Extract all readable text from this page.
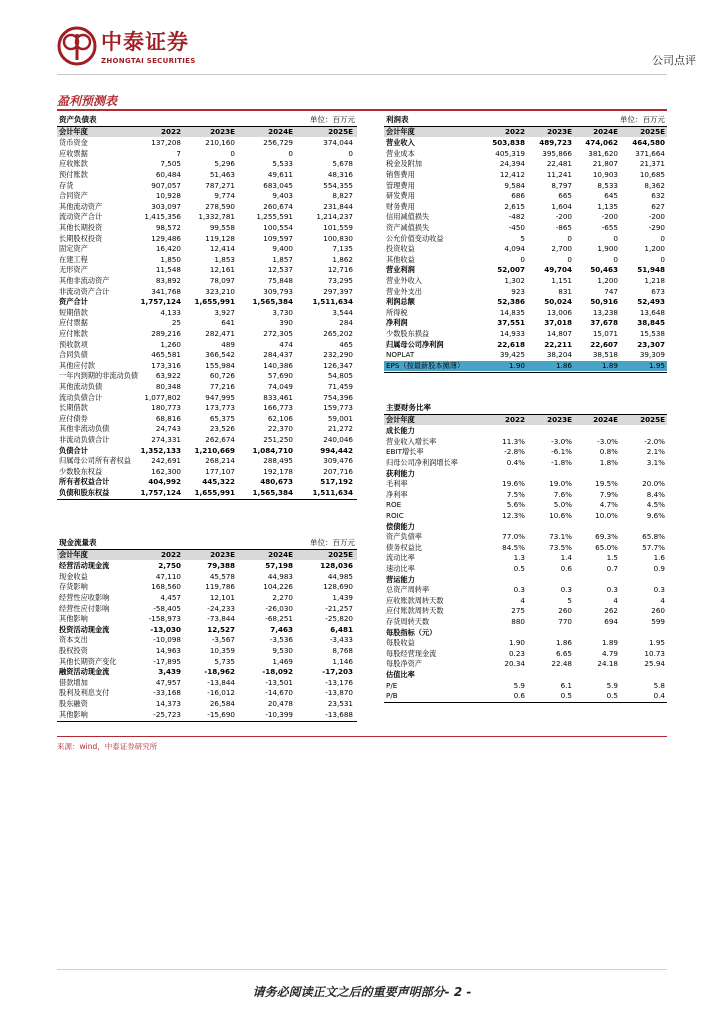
中泰证券
ZHONGTAI SECURITIES	公司点评
盈利预测表
资产负债表	单位：百万元
会计年度	2022	2023E	2024E	2025E
货币资金	137,208	210,160	256,729	374,044
应收票据	7	0	0	0
应收账款	7,505	5,296	5,533	5,678
预付账款	60,484	51,463	49,611	48,316
存货	907,057	787,271	683,045	554,355
合同资产	10,928	9,774	9,403	8,827
其他流动资产	303,097	278,590	260,674	231,844
流动资产合计	1,415,356 1,332,781	1,255,591	1,214,237
其他长期投资	98,572	99,558	100,554	101,559
长期股权投资	129,486	119,128	109,597	100,830
固定资产	16,420	12,414	9,400	7,135
在建工程	1,850	1,853	1,857	1,862
无形资产	11,548	12,161	12,537	12,716
其他非流动资产	83,892	78,097	75,848	73,295
非流动资产合计	341,768	323,210	309,793	297,397
资产合计	1,757,124 1,655,991 1,565,384	1,511,634
短期借款	4,133	3,927	3,730	3,544
应付票据	25	641	390	284
应付账款	289,216	282,471	272,305	265,202
预收款项	1,260	489	474	465
合同负债	465,581	366,542	284,437	232,290
其他应付款	173,316	155,984	140,386	126,347
一年内到期的非流动负债 63,922	60,726	57,690	54,805
其他流动负债	80,348	77,216	74,049	71,459
流动负债合计	1,077,802	947,995	833,461	754,396
长期借款	180,773	173,773	166,773	159,773
应付债券	68,816	65,375	62,106	59,001
其他非流动负债	24,743	23,526	22,370	21,272
非流动负债合计	274,331	262,674	251,250	240,046
负债合计	1,352,133 1,210,669 1,084,710	994,442
归属母公司所有者权益	242,691	268,214	288,495	309,476
少数股东权益	162,300	177,107	192,178	207,716
所有者权益合计	404,992	445,322	480,673	517,192
负债和股东权益	1,757,124 1,655,991 1,565,384	1,511,634
利润表	单位：百万元
会计年度	2022	2023E	2024E	2025E
营业收入	503,838 489,723 474,062 464,580
营业成本	405,319 395,866 381,620 371,664
税金及附加	24,394	22,481	21,807	21,371
销售费用	12,412	11,241	10,903	10,685
管理费用	9,584	8,797	8,533	8,362
研发费用	686	665	645	632
财务费用	2,615	1,604	1,135	627
信用减值损失	-482	-200	-200	-200
资产减值损失	-450	-865	-655	-290
公允价值变动收益	5	0	0	0
投资收益	4,094	2,700	1,900	1,200
其他收益	0	0	0	0
营业利润	52,007	49,704	50,463	51,948
营业外收入	1,302	1,151	1,200	1,218
营业外支出	923	831	747	673
利润总额	52,386	50,024	50,916	52,493
所得税	14,835	13,006	13,238	13,648
净利润	37,551	37,018	37,678	38,845
少数股东损益	14,933	14,807	15,071	15,538
归属母公司净利润	22,618	22,211	22,607	23,307
NOPLAT	39,425	38,204	38,518	39,309
EPS（按最新股本摊薄）	1.90	1.86	1.89	1.95
主要财务比率
会计年度	2022	2023E	2024E	2025E
成长能力
营业收入增长率	11.3%	-3.0%	-3.0%	-2.0%
EBIT增长率	-2.8%	-6.1%	0.8%	2.1%
归母公司净利润增长率	0.4%	-1.8%	1.8%	3.1%
获利能力
毛利率	19.6%	19.0%	19.5%	20.0%
净利率	7.5%	7.6%	7.9%	8.4%
ROE	5.6%	5.0%	4.7%	4.5%
ROIC	12.3%	10.6%	10.0%	9.6%
偿债能力
资产负债率	77.0%	73.1%	69.3%	65.8%
债务权益比	84.5%	73.5%	65.0%	57.7%
流动比率	1.3	1.4	1.5	1.6
速动比率	0.5	0.6	0.7	0.9
营运能力
总资产周转率	0.3	0.3	0.3	0.3
应收账款周转天数	4	5	4	4
应付账款周转天数	275	260	262	260
存货周转天数	880	770	694	599
每股指标（元）
每股收益	1.90	1.86	1.89	1.95
每股经营现金流	0.23	6.65	4.79	10.73
每股净资产	20.34	22.48	24.18	25.94
估值比率
P/E	5.9	6.1	5.9	5.8
P/B	0.6	0.5	0.5	0.4
现金流量表	单位：百万元
会计年度	2022	2023E	2024E	2025E
经营活动现金流	2,750	79,388	57,198	128,036
现金收益	47,110	45,578	44,983	44,985
存货影响	168,560	119,786	104,226	128,690
经营性应收影响	4,457	12,101	2,270	1,439
经营性应付影响	-58,405	-24,233	-26,030	-21,257
其他影响	-158,973	-73,844	-68,251	-25,820
投资活动现金流	-13,030	12,527	7,463	6,481
资本支出	-10,098	-3,567	-3,536	-3,433
股权投资	14,963	10,359	9,530	8,768
其他长期资产变化	-17,895	5,735	1,469	1,146
融资活动现金流	3,439	-18,962	-18,092	-17,203
借款增加	47,957	-13,844	-13,501	-13,176
股利及利息支付	-33,168	-16,012	-14,670	-13,870
股东融资	14,373	26,584	20,478	23,531
其他影响	-25,723	-15,690	-10,399	-13,688
来源：wind，中泰证券研究所
请务必阅读正文之后的重要声明部分- 2 -
